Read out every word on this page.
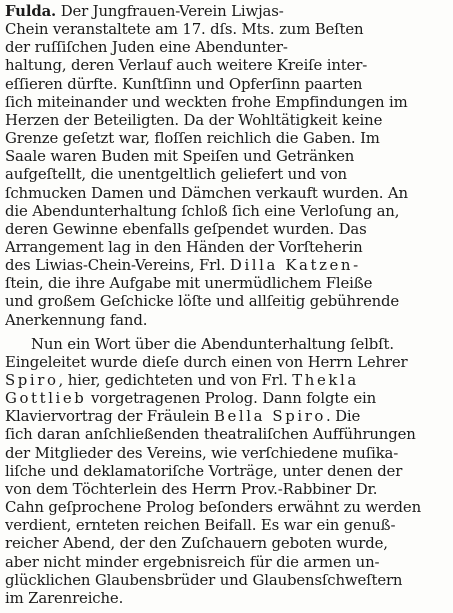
Fulda. Der Jungfrauen-Verein Liwjas-
Chein veranstaltete am 17. dſs. Mts. zum Beſten
der ruſſiſchen Juden eine Abendunter-
haltung, deren Verlauf auch weitere Kreiſe inter-
eſſieren dürfte. Kunſtſinn und Opferſinn paarten
ſich miteinander und weckten frohe Empfindungen im
Herzen der Beteiligten. Da der Wohltätigkeit keine
Grenze geſetzt war, floſſen reichlich die Gaben. Im
Saale waren Buden mit Speiſen und Getränken
aufgeſtellt, die unentgeltlich geliefert und von
ſchmucken Damen und Dämchen verkauft wurden. An
die Abendunterhaltung ſchloß ſich eine Verloſung an,
deren Gewinne ebenfalls geſpendet wurden. Das
Arrangement lag in den Händen der Vorſteherin
des Liwias-Chein-Vereins, Frl. Dilla Katzen-
ſtein, die ihre Aufgabe mit unermüdlichem Fleiße
und großem Geſchicke löſte und allſeitig gebührende
Anerkennung fand.
Nun ein Wort über die Abendunterhaltung ſelbſt.
Eingeleitet wurde dieſe durch einen von Herrn Lehrer
Spiro, hier, gedichteten und von Frl. Thekla
Gottlieb vorgetragenen Prolog. Dann folgte ein
Klaviervortrag der Fräulein Bella Spiro. Die
ſich daran anſchließenden theatraliſchen Aufführungen
der Mitglieder des Vereins, wie verſchiedene muſika-
liſche und deklamatoriſche Vorträge, unter denen der
von dem Töchterlein des Herrn Prov.-Rabbiner Dr.
Cahn geſprochene Prolog beſonders erwähnt zu werden
verdient, ernteten reichen Beifall. Es war ein genuß-
reicher Abend, der den Zuſchauern geboten wurde,
aber nicht minder ergebnisreich für die armen un-
glücklichen Glaubensbrüder und Glaubensſchweſtern
im Zarenreiche.
